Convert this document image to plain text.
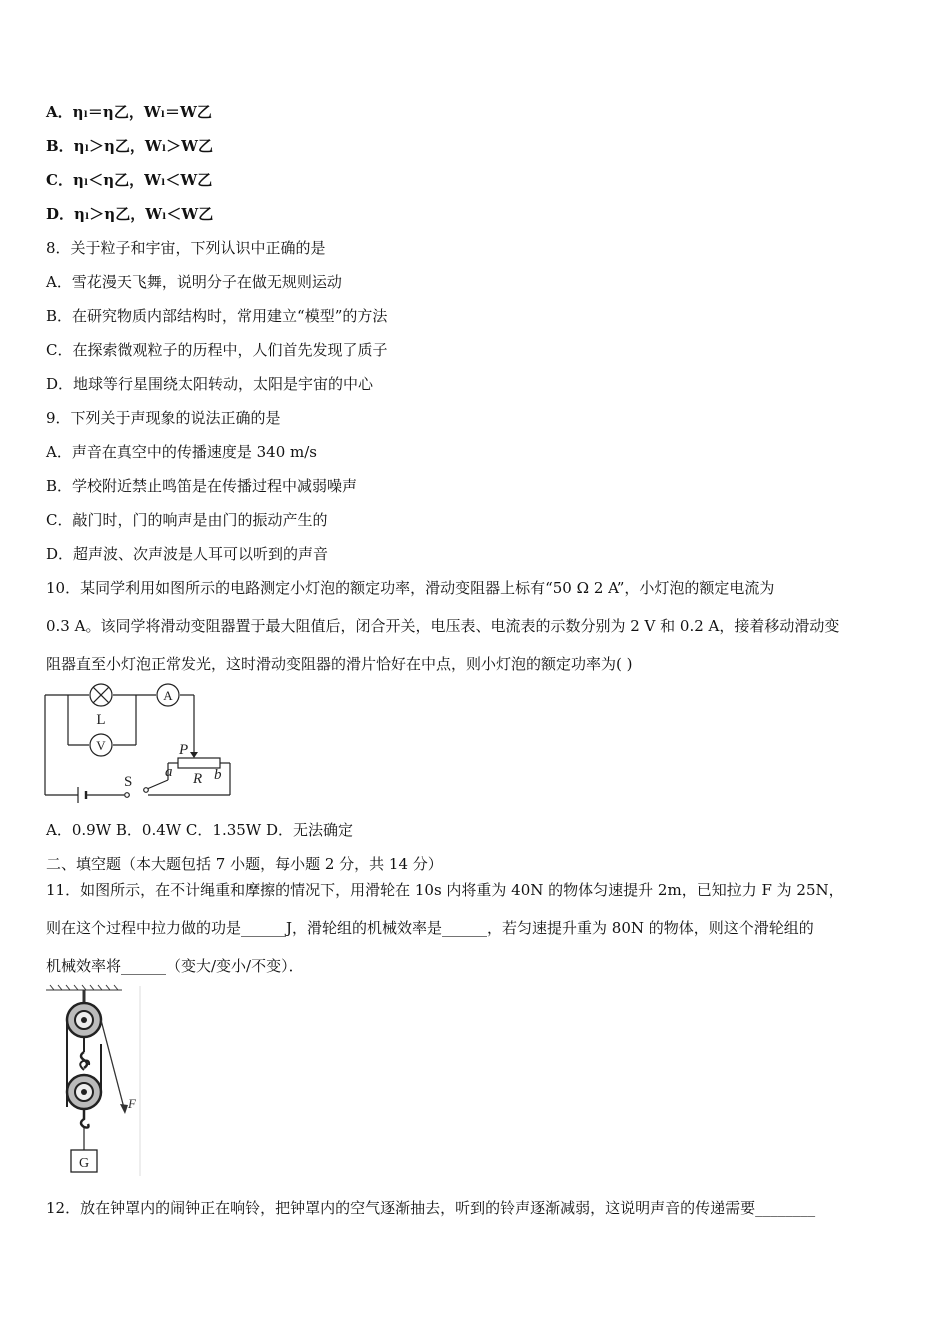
A．ηₗ＝η乙，Wₗ＝W乙
B．ηₗ＞η乙，Wₗ＞W乙
C．ηₗ＜η乙，Wₗ＜W乙
D．ηₗ＞η乙，Wₗ＜W乙
8．关于粒子和宇宙，下列认识中正确的是
A．雪花漫天飞舞，说明分子在做无规则运动
B．在研究物质内部结构时，常用建立“模型”的方法
C．在探索微观粒子的历程中，人们首先发现了质子
D．地球等行星围绕太阳转动，太阳是宇宙的中心
9．下列关于声现象的说法正确的是
A．声音在真空中的传播速度是 340 m/s
B．学校附近禁止鸣笛是在传播过程中减弱噪声
C．敲门时，门的响声是由门的振动产生的
D．超声波、次声波是人耳可以听到的声音
10．某同学利用如图所示的电路测定小灯泡的额定功率，滑动变阻器上标有“50 Ω 2 A”，小灯泡的额定电流为
0.3 A。该同学将滑动变阻器置于最大阻值后，闭合开关，电压表、电流表的示数分别为 2 V 和 0.2 A，接着移动滑动变
阻器直至小灯泡正常发光，这时滑动变阻器的滑片恰好在中点，则小灯泡的额定功率为( )
L
A
V	P
a R b
S
A．0.9W B．0.4W C．1.35W D．无法确定
二、填空题（本大题包括 7 小题，每小题 2 分，共 14 分）
11．如图所示，在不计绳重和摩擦的情况下，用滑轮在 10s 内将重为 40N 的物体匀速提升 2m，已知拉力 F 为 25N，
则在这个过程中拉力做的功是______J，滑轮组的机械效率是______，若匀速提升重为 80N 的物体，则这个滑轮组的
机械效率将______（变大/变小/不变）．
G
F
12．放在钟罩内的闹钟正在响铃，把钟罩内的空气逐渐抽去，听到的铃声逐渐减弱，这说明声音的传递需要________
